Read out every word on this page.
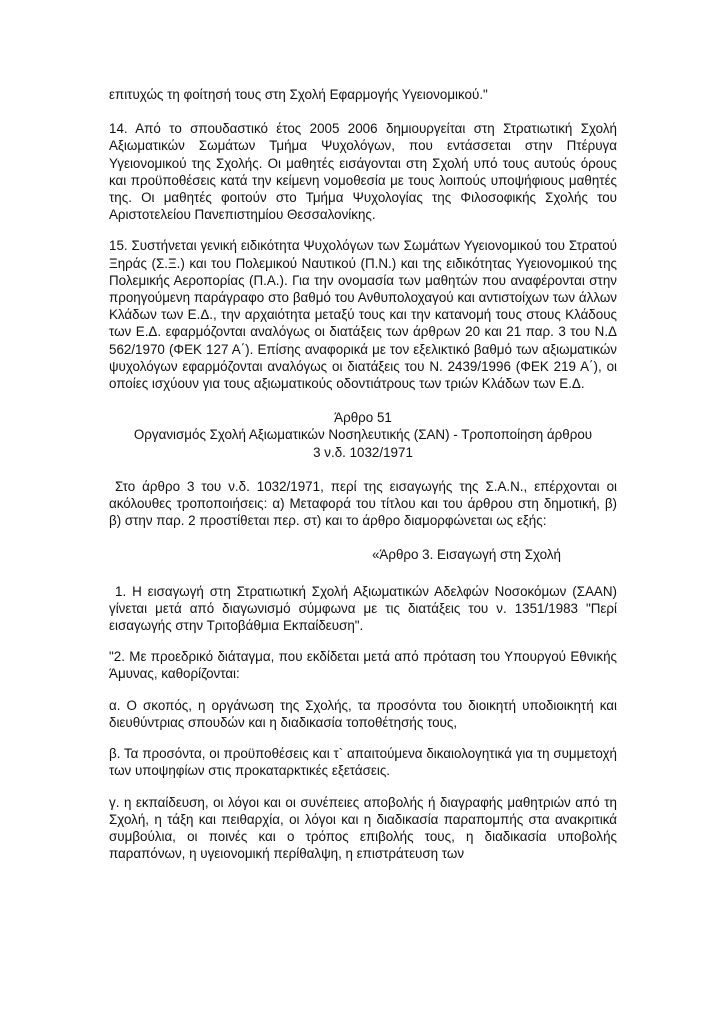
επιτυχώς τη φοίτησή τους στη Σχολή Εφαρμογής Υγειονομικού."

14. Από το σπουδαστικό έτος 2005 2006 δημιουργείται στη Στρατιωτική Σχολή Αξιωματικών Σωμάτων Τμήμα Ψυχολόγων, που εντάσσεται στην Πτέρυγα Υγειονομικού της Σχολής. Οι μαθητές εισάγονται στη Σχολή υπό τους αυτούς όρους και προϋποθέσεις κατά την κείμενη νομοθεσία με τους λοιπούς υποψήφιους μαθητές της. Οι μαθητές φοιτούν στο Τμήμα Ψυχολογίας της Φιλοσοφικής Σχολής του Αριστοτελείου Πανεπιστημίου Θεσσαλονίκης.

15. Συστήνεται γενική ειδικότητα Ψυχολόγων των Σωμάτων Υγειονομικού του Στρατού Ξηράς (Σ.Ξ.) και του Πολεμικού Ναυτικού (Π.Ν.) και της ειδικότητας Υγειονομικού της Πολεμικής Αεροπορίας (Π.Α.). Για την ονομασία των μαθητών που αναφέρονται στην προηγούμενη παράγραφο στο βαθμό του Ανθυπολοχαγού και αντιστοίχων των άλλων Κλάδων των Ε.Δ., την αρχαιότητα μεταξύ τους και την κατανομή τους στους Κλάδους των Ε.Δ. εφαρμόζονται αναλόγως οι διατάξεις των άρθρων 20 και 21 παρ. 3 του Ν.Δ 562/1970 (ΦΕΚ 127 Α΄). Επίσης αναφορικά με τον εξελικτικό βαθμό των αξιωματικών ψυχολόγων εφαρμόζονται αναλόγως οι διατάξεις του Ν. 2439/1996 (ΦΕΚ 219 Α΄), οι οποίες ισχύουν για τους αξιωματικούς οδοντιάτρους των τριών Κλάδων των Ε.Δ.

Άρθρο 51

Οργανισμός Σχολή Αξιωματικών Νοσηλευτικής (ΣΑΝ) - Τροποποίηση άρθρου

3 ν.δ. 1032/1971

Στο άρθρο 3 του ν.δ. 1032/1971, περί της εισαγωγής της Σ.Α.Ν., επέρχονται οι ακόλουθες τροποποιήσεις: α) Μεταφορά του τίτλου και του άρθρου στη δημοτική, β) β) στην παρ. 2 προστίθεται περ. στ) και το άρθρο διαμορφώνεται ως εξής:

«Άρθρο 3. Εισαγωγή στη Σχολή

1. Η εισαγωγή στη Στρατιωτική Σχολή Αξιωματικών Αδελφών Νοσοκόμων (ΣΑΑΝ) γίνεται μετά από διαγωνισμό σύμφωνα με τις διατάξεις του ν. 1351/1983 "Περί εισαγωγής στην Τριτοβάθμια Εκπαίδευση".

"2. Με προεδρικό διάταγμα, που εκδίδεται μετά από πρόταση του Υπουργού Εθνικής Άμυνας, καθορίζονται:

α. Ο σκοπός, η οργάνωση της Σχολής, τα προσόντα του διοικητή υποδιοικητή και διευθύντριας σπουδών και η διαδικασία τοποθέτησής τους,

β. Τα προσόντα, οι προϋποθέσεις και τ` απαιτούμενα δικαιολογητικά για τη συμμετοχή των υποψηφίων στις προκαταρκτικές εξετάσεις.

γ. η εκπαίδευση, οι λόγοι και οι συνέπειες αποβολής ή διαγραφής μαθητριών από τη Σχολή, η τάξη και πειθαρχία, οι λόγοι και η διαδικασία παραπομπής στα ανακριτικά συμβούλια, οι ποινές και ο τρόπος επιβολής τους, η διαδικασία υποβολής παραπόνων, η υγειονομική περίθαλψη, η επιστράτευση των
